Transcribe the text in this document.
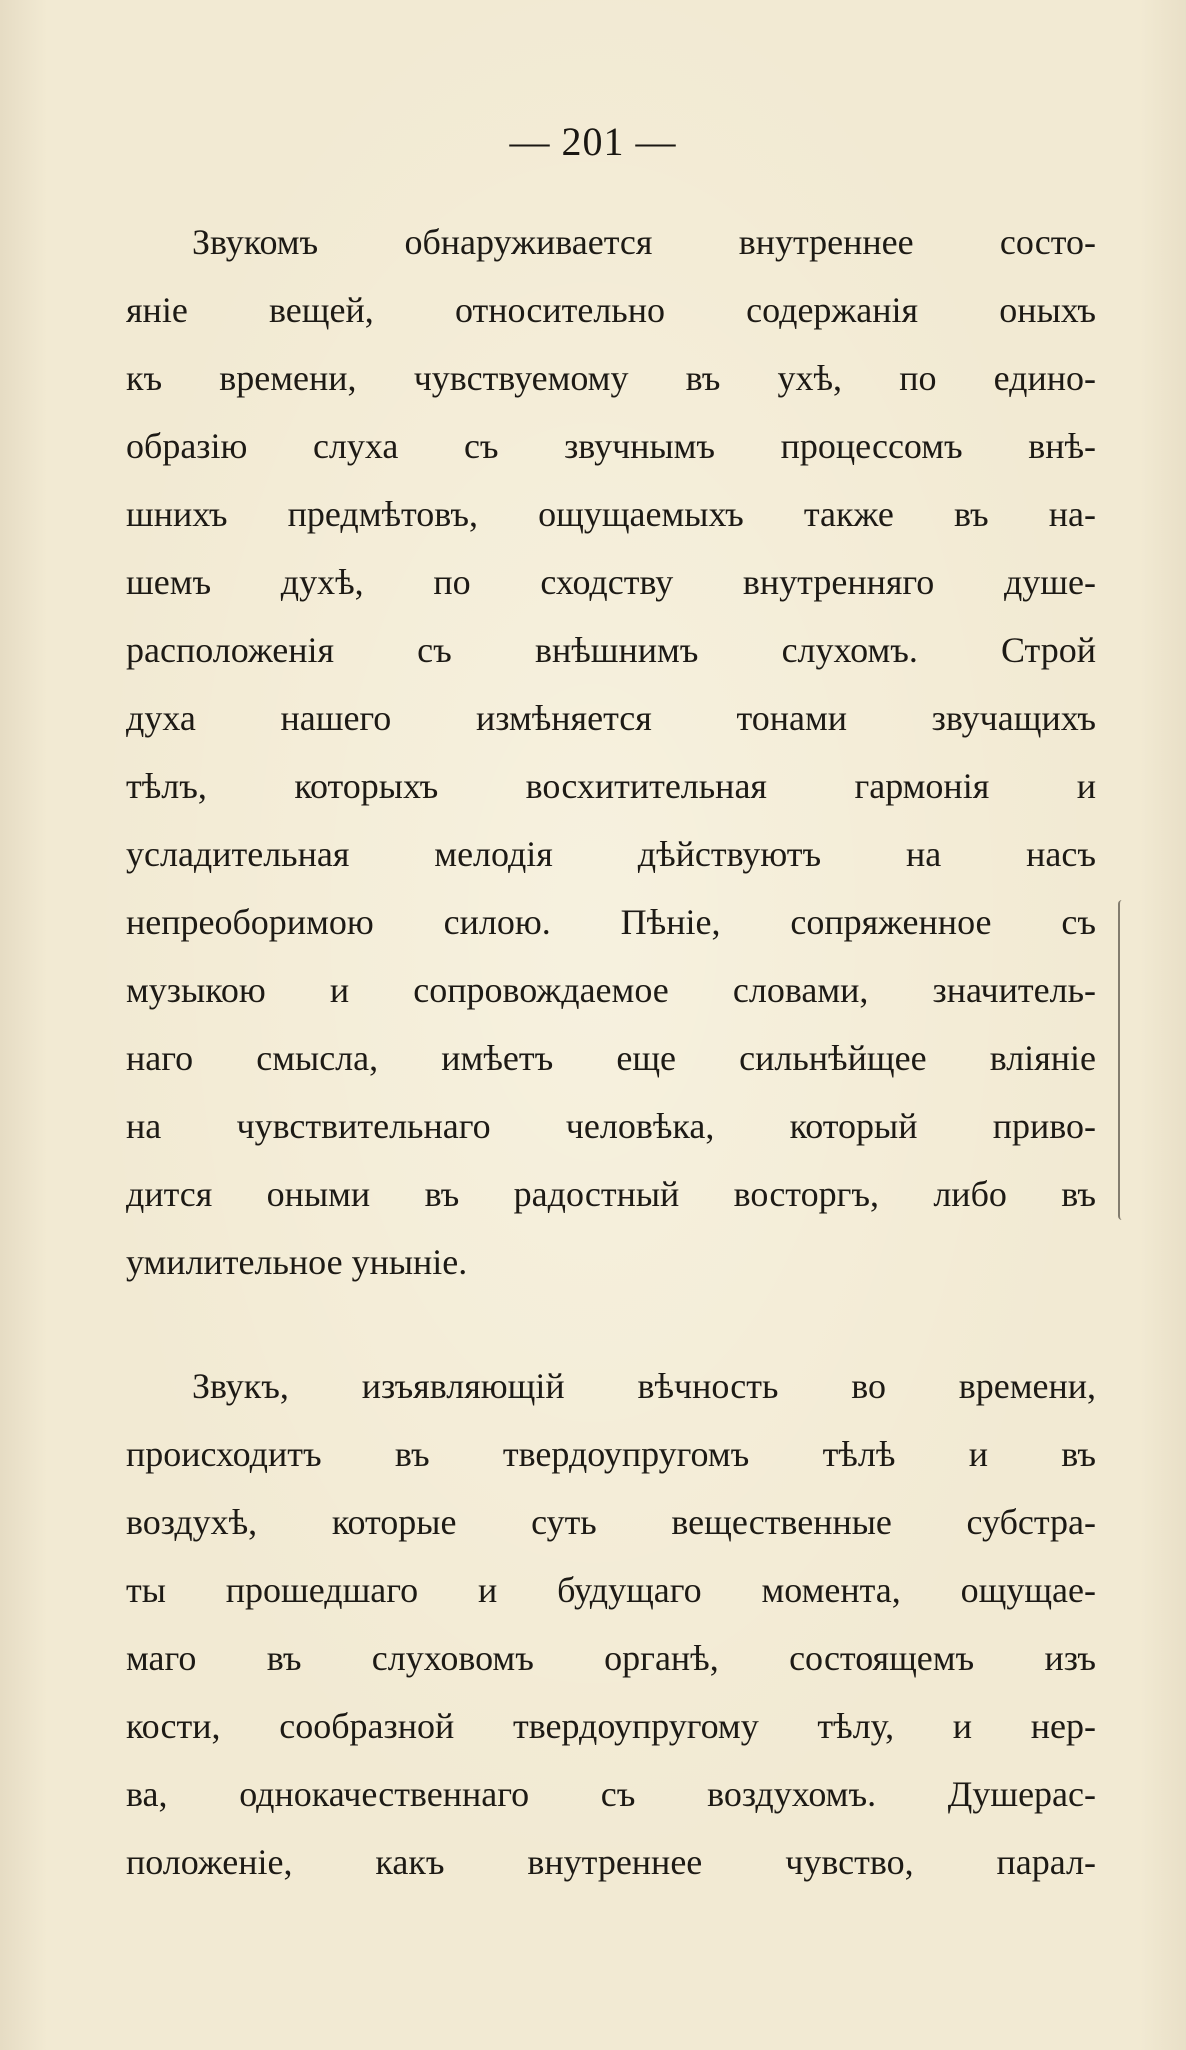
— 201 —
Звукомъ обнаруживается внутреннее состо-
янiе вещей, относительно содержанiя оныхъ
къ времени, чувствуемому въ ухѣ, по едино-
образiю слуха съ звучнымъ процессомъ внѣ-
шнихъ предмѣтовъ, ощущаемыхъ также въ на-
шемъ духѣ, по сходству внутренняго душе-
расположенiя съ внѣшнимъ слухомъ. Строй
духа нашего измѣняется тонами звучащихъ
тѣлъ, которыхъ восхитительная гармонiя и
усладительная мелодiя дѣйствуютъ на насъ
непреоборимою силою. Пѣнiе, сопряженное съ
музыкою и сопровождаемое словами, значитель-
наго смысла, имѣетъ еще сильнѣйщее влiянiе
на чувствительнаго человѣка, который приво-
дится оными въ радостный восторгъ, либо въ
умилительное унынiе.
Звукъ, изъявляющiй вѣчность во времени,
происходитъ въ твердоупругомъ тѣлѣ и въ
воздухѣ, которые суть вещественные субстра-
ты прошедшаго и будущаго момента, ощущае-
маго въ слуховомъ органѣ, состоящемъ изъ
кости, сообразной твердоупругому тѣлу, и нер-
ва, однокачественнаго съ воздухомъ. Душерас-
положенiе, какъ внутреннее чувство, парал-
